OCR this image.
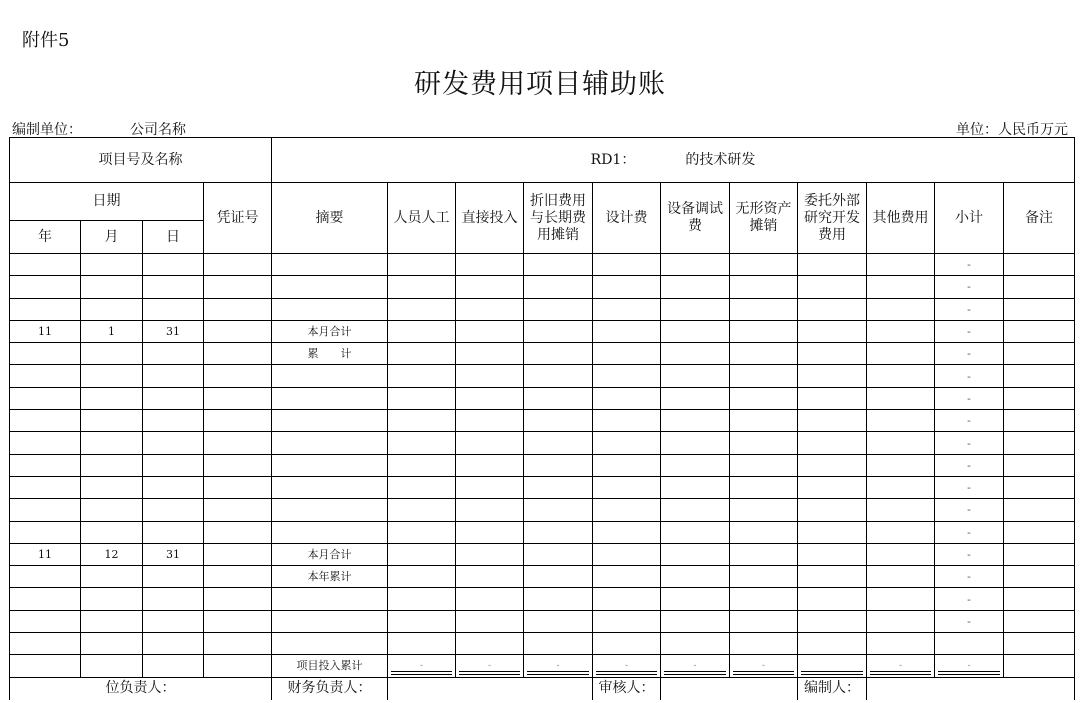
附件5
研发费用项目辅助账
编制单位：	公司名称	单位：人民币万元
项目号及名称				RD1： 的技术研发										
日期			凭证号	摘要	人员人工	直接投入	折旧费用与长期费用摊销	设计费	设备调试费	无形资产摊销	委托外部研究开发费用	其他费用	小计	备注
年	月	日												
													-	
													-	
													-	
11	1	31		本月合计									-	
				累　　计									-	
													-	
													-	
													-	
													-	
													-	
													-	
													-	
													-	
11	12	31		本月合计									-	
				本年累计									-	
													-	
													-	

				项目投入累计	-	-	-	-	-	-		-	-	
位负责人：				财务负责人：				审核人：			编制人：			
